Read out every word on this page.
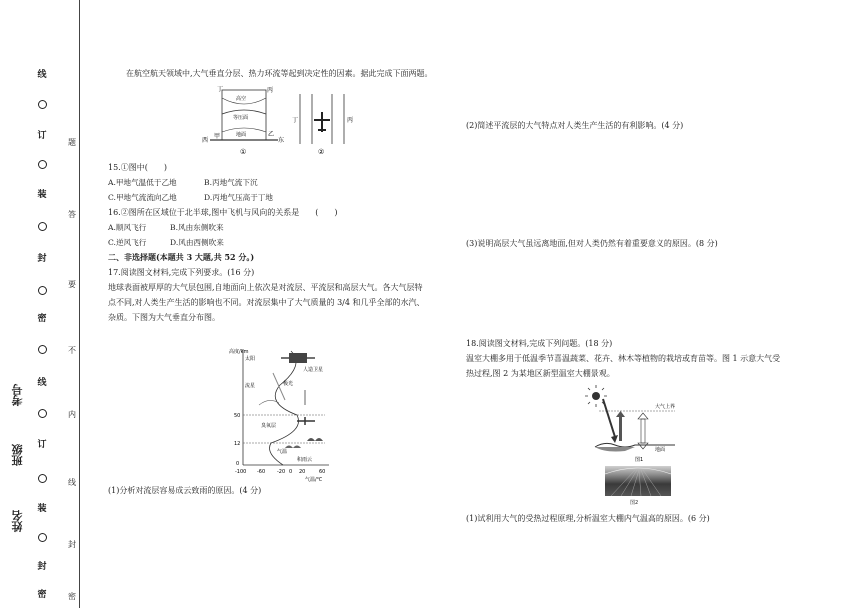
线
订
装
封
密
线
订
装
封
密
题
答
要
不
内
线
封
密
考号
班级
姓名

在航空航天领域中,大气垂直分层、热力环流等起到决定性的因素。据此完成下面两题。

丁	丙
高空
等压面
地面
甲	乙
西	东
①
丁	丙
②

15.①图中(　　)

A.甲地气温低于乙地	B.丙地气流下沉

C.甲地气流流向乙地	D.丙地气压高于丁地

16.②图所在区域位于北半球,图中飞机与风向的关系是　　(　　)

A.顺风飞行	B.风由东侧吹来

C.逆风飞行	D.风由西侧吹来

二、非选择题(本题共 3 大题,共 52 分。)

17.阅读图文材料,完成下列要求。(16 分)

地球表面被厚厚的大气层包围,自地面向上依次是对流层、平流层和高层大气。各大气层特

点不同,对人类生产生活的影响也不同。对流层集中了大气质量的 3/4 和几乎全部的水汽、

杂质。下图为大气垂直分布图。

高度/km
50
12
0
-100 -60 -20 0 20	60
气温/℃
太阳
人造卫星
流星	极光
臭氧层
气温
积雨云

(1)分析对流层容易成云致雨的原因。(4 分)

(2)简述平流层的大气特点对人类生产生活的有利影响。(4 分)

(3)说明高层大气虽远离地面,但对人类仍然有着重要意义的原因。(8 分)

18.阅读图文材料,完成下列问题。(18 分)

温室大棚多用于低温季节喜温蔬菜、花卉、林木等植物的栽培或育苗等。图 1 示意大气受

热过程,图 2 为某地区新型温室大棚景观。

大气上界
地面
图1
图2

(1)试利用大气的受热过程原理,分析温室大棚内气温高的原因。(6 分)
